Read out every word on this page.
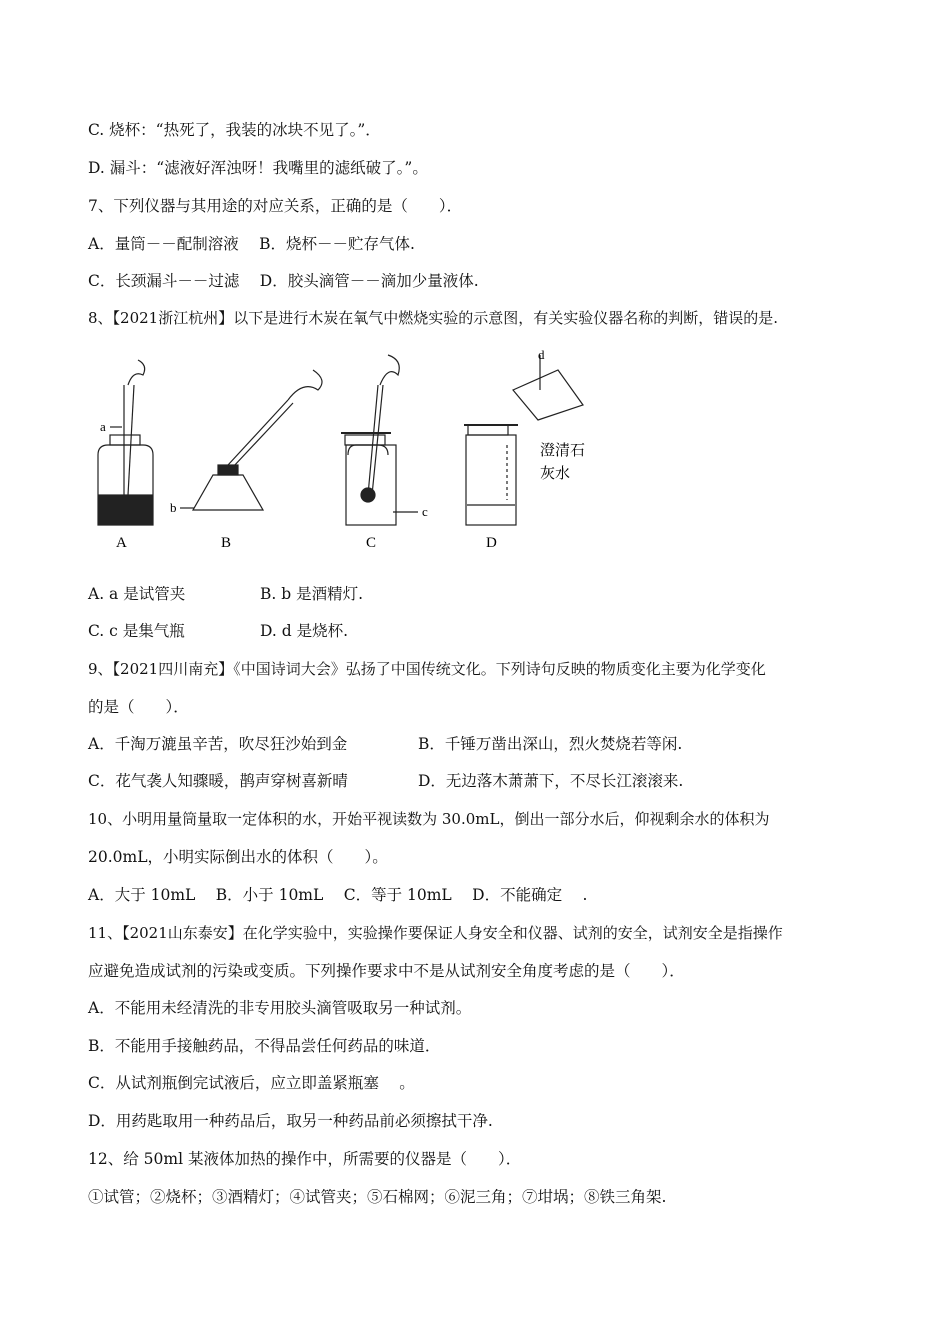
C. 烧杯：“热死了，我装的冰块不见了。”．
D. 漏斗：“滤液好浑浊呀！我嘴里的滤纸破了。”。
7、下列仪器与其用途的对应关系，正确的是（　　）．
A．量筒－－配制溶液　 B．烧杯－－贮存气体.
C．长颈漏斗－－过滤　 D．胶头滴管－－滴加少量液体.
8、【2021浙江杭州】以下是进行木炭在氧气中燃烧实验的示意图，有关实验仪器名称的判断，错误的是.
A	B	C	D
a
b	c
d
澄清石
灰水
A. a 是试管夹	B. b 是酒精灯.
C. c 是集气瓶	D. d 是烧杯.
9、【2021四川南充】《中国诗词大会》弘扬了中国传统文化。下列诗句反映的物质变化主要为化学变化
的是（　　）．
A．千淘万漉虽辛苦，吹尽狂沙始到金	B．千锤万凿出深山，烈火焚烧若等闲.
C．花气袭人知骤暖，鹊声穿树喜新晴	D．无边落木萧萧下，不尽长江滚滚来.
10、小明用量筒量取一定体积的水，开始平视读数为 30.0mL，倒出一部分水后，仰视剩余水的体积为
20.0mL，小明实际倒出水的体积（　　）。
A．大于 10mL　 B．小于 10mL　 C．等于 10mL　 D．不能确定　 .
11、【2021山东泰安】在化学实验中，实验操作要保证人身安全和仪器、试剂的安全，试剂安全是指操作
应避免造成试剂的污染或变质。下列操作要求中不是从试剂安全角度考虑的是（　　）．
A．不能用未经清洗的非专用胶头滴管吸取另一种试剂。
B．不能用手接触药品，不得品尝任何药品的味道．
C．从试剂瓶倒完试液后，应立即盖紧瓶塞　 。
D．用药匙取用一种药品后，取另一种药品前必须擦拭干净.
12、给 50ml 某液体加热的操作中，所需要的仪器是（　　）．
①试管；②烧杯；③酒精灯；④试管夹；⑤石棉网；⑥泥三角；⑦坩埚；⑧铁三角架.
